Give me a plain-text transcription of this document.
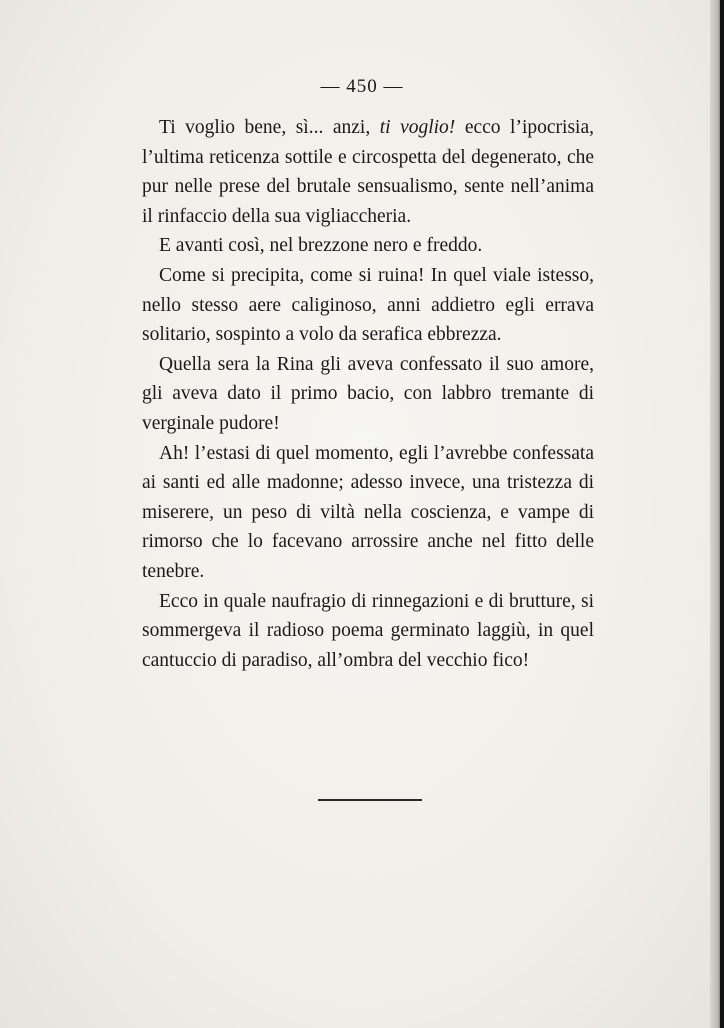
— 450 —

Ti voglio bene, sì... anzi, ti voglio! ecco l’ipocrisia, l’ultima reticenza sottile e circospetta del degenerato, che pur nelle prese del brutale sensualismo, sente nell’anima il rinfaccio della sua vigliaccheria.

E avanti così, nel brezzone nero e freddo.

Come si precipita, come si ruina! In quel viale istesso, nello stesso aere caliginoso, anni addietro egli errava solitario, sospinto a volo da serafica ebbrezza.

Quella sera la Rina gli aveva confessato il suo amore, gli aveva dato il primo bacio, con labbro tremante di verginale pudore!

Ah! l’estasi di quel momento, egli l’avrebbe confessata ai santi ed alle madonne; adesso invece, una tristezza di miserere, un peso di viltà nella coscienza, e vampe di rimorso che lo facevano arrossire anche nel fitto delle tenebre.

Ecco in quale naufragio di rinnegazioni e di brutture, si sommergeva il radioso poema germinato laggiù, in quel cantuccio di paradiso, all’ombra del vecchio fico!
